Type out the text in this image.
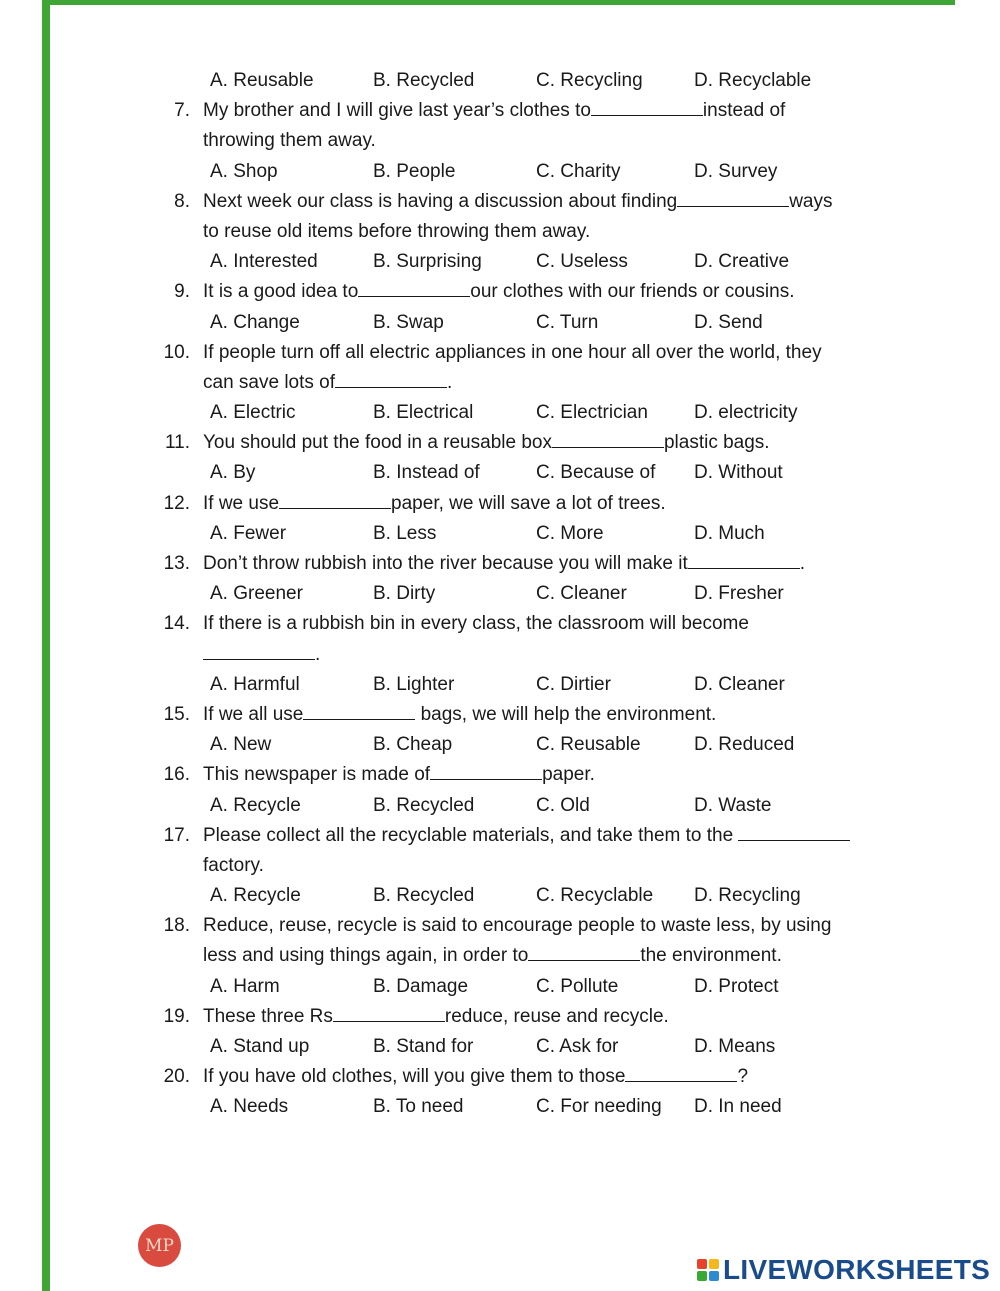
A. Reusable	B. Recycled	C. Recycling	D. Recyclable
7. My brother and I will give last year’s clothes to	instead of
throwing them away.
A. Shop	B. People	C. Charity	D. Survey
8. Next week our class is having a discussion about finding	ways
to reuse old items before throwing them away.
A. Interested	B. Surprising	C. Useless	D. Creative
9. It is a good idea to	our clothes with our friends or cousins.
A. Change	B. Swap	C. Turn	D. Send
10. If people turn off all electric appliances in one hour all over the world, they
can save lots of	.
A. Electric	B. Electrical	C. Electrician D. electricity
11. You should put the food in a reusable box	plastic bags.
A. By	B. Instead of	C. Because of D. Without
12. If we use	paper, we will save a lot of trees.
A. Fewer	B. Less	C. More	D. Much
13. Don’t throw rubbish into the river because you will make it	.
A. Greener	B. Dirty	C. Cleaner	D. Fresher
14. If there is a rubbish bin in every class, the classroom will become
.
A. Harmful	B. Lighter	C. Dirtier	D. Cleaner
15. If we all use	bags, we will help the environment.
A. New	B. Cheap	C. Reusable	D. Reduced
16. This newspaper is made of	paper.
A. Recycle	B. Recycled	C. Old	D. Waste
17. Please collect all the recyclable materials, and take them to the
factory.
A. Recycle	B. Recycled	C. Recyclable D. Recycling
18. Reduce, reuse, recycle is said to encourage people to waste less, by using
less and using things again, in order to	the environment.
A. Harm	B. Damage	C. Pollute	D. Protect
19. These three Rs	reduce, reuse and recycle.
A. Stand up	B. Stand for	C. Ask for	D. Means
20. If you have old clothes, will you give them to those	?
A. Needs	B. To need	C. For needing D. In need
MP
LIVEWORKSHEETS
